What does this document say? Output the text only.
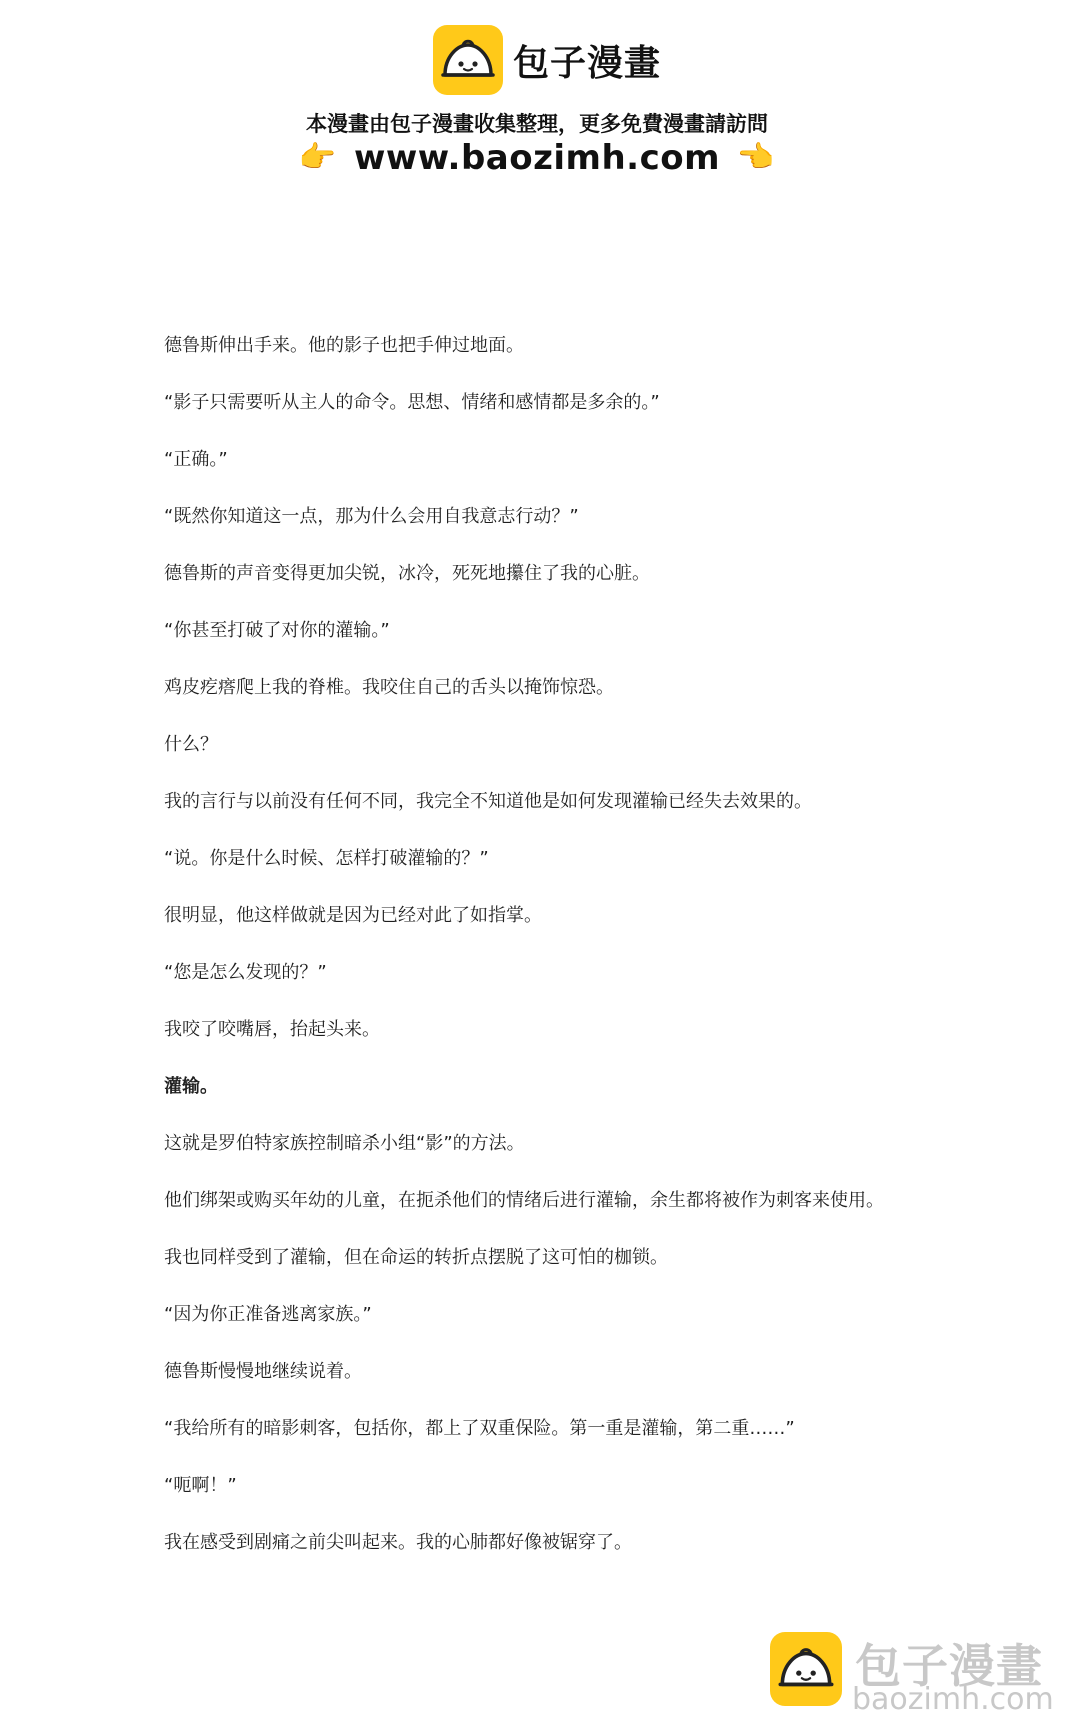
包子漫畫
本漫畫由包子漫畫收集整理，更多免費漫畫請訪問
👉 www.baozimh.com 👉

德鲁斯伸出手来。他的影子也把手伸过地面。

“影子只需要听从主人的命令。思想、情绪和感情都是多余的。”

“正确。”

“既然你知道这一点，那为什么会用自我意志行动？”

德鲁斯的声音变得更加尖锐，冰冷，死死地攥住了我的心脏。

“你甚至打破了对你的灌输。”

鸡皮疙瘩爬上我的脊椎。我咬住自己的舌头以掩饰惊恐。

什么？

我的言行与以前没有任何不同，我完全不知道他是如何发现灌输已经失去效果的。

“说。你是什么时候、怎样打破灌输的？”

很明显，他这样做就是因为已经对此了如指掌。

“您是怎么发现的？”

我咬了咬嘴唇，抬起头来。

灌输。

这就是罗伯特家族控制暗杀小组“影”的方法。

他们绑架或购买年幼的儿童，在扼杀他们的情绪后进行灌输，余生都将被作为刺客来使用。

我也同样受到了灌输，但在命运的转折点摆脱了这可怕的枷锁。

“因为你正准备逃离家族。”

德鲁斯慢慢地继续说着。

“我给所有的暗影刺客，包括你，都上了双重保险。第一重是灌输，第二重……”

“呃啊！”

我在感受到剧痛之前尖叫起来。我的心肺都好像被锯穿了。

包子漫畫
baozimh.com
